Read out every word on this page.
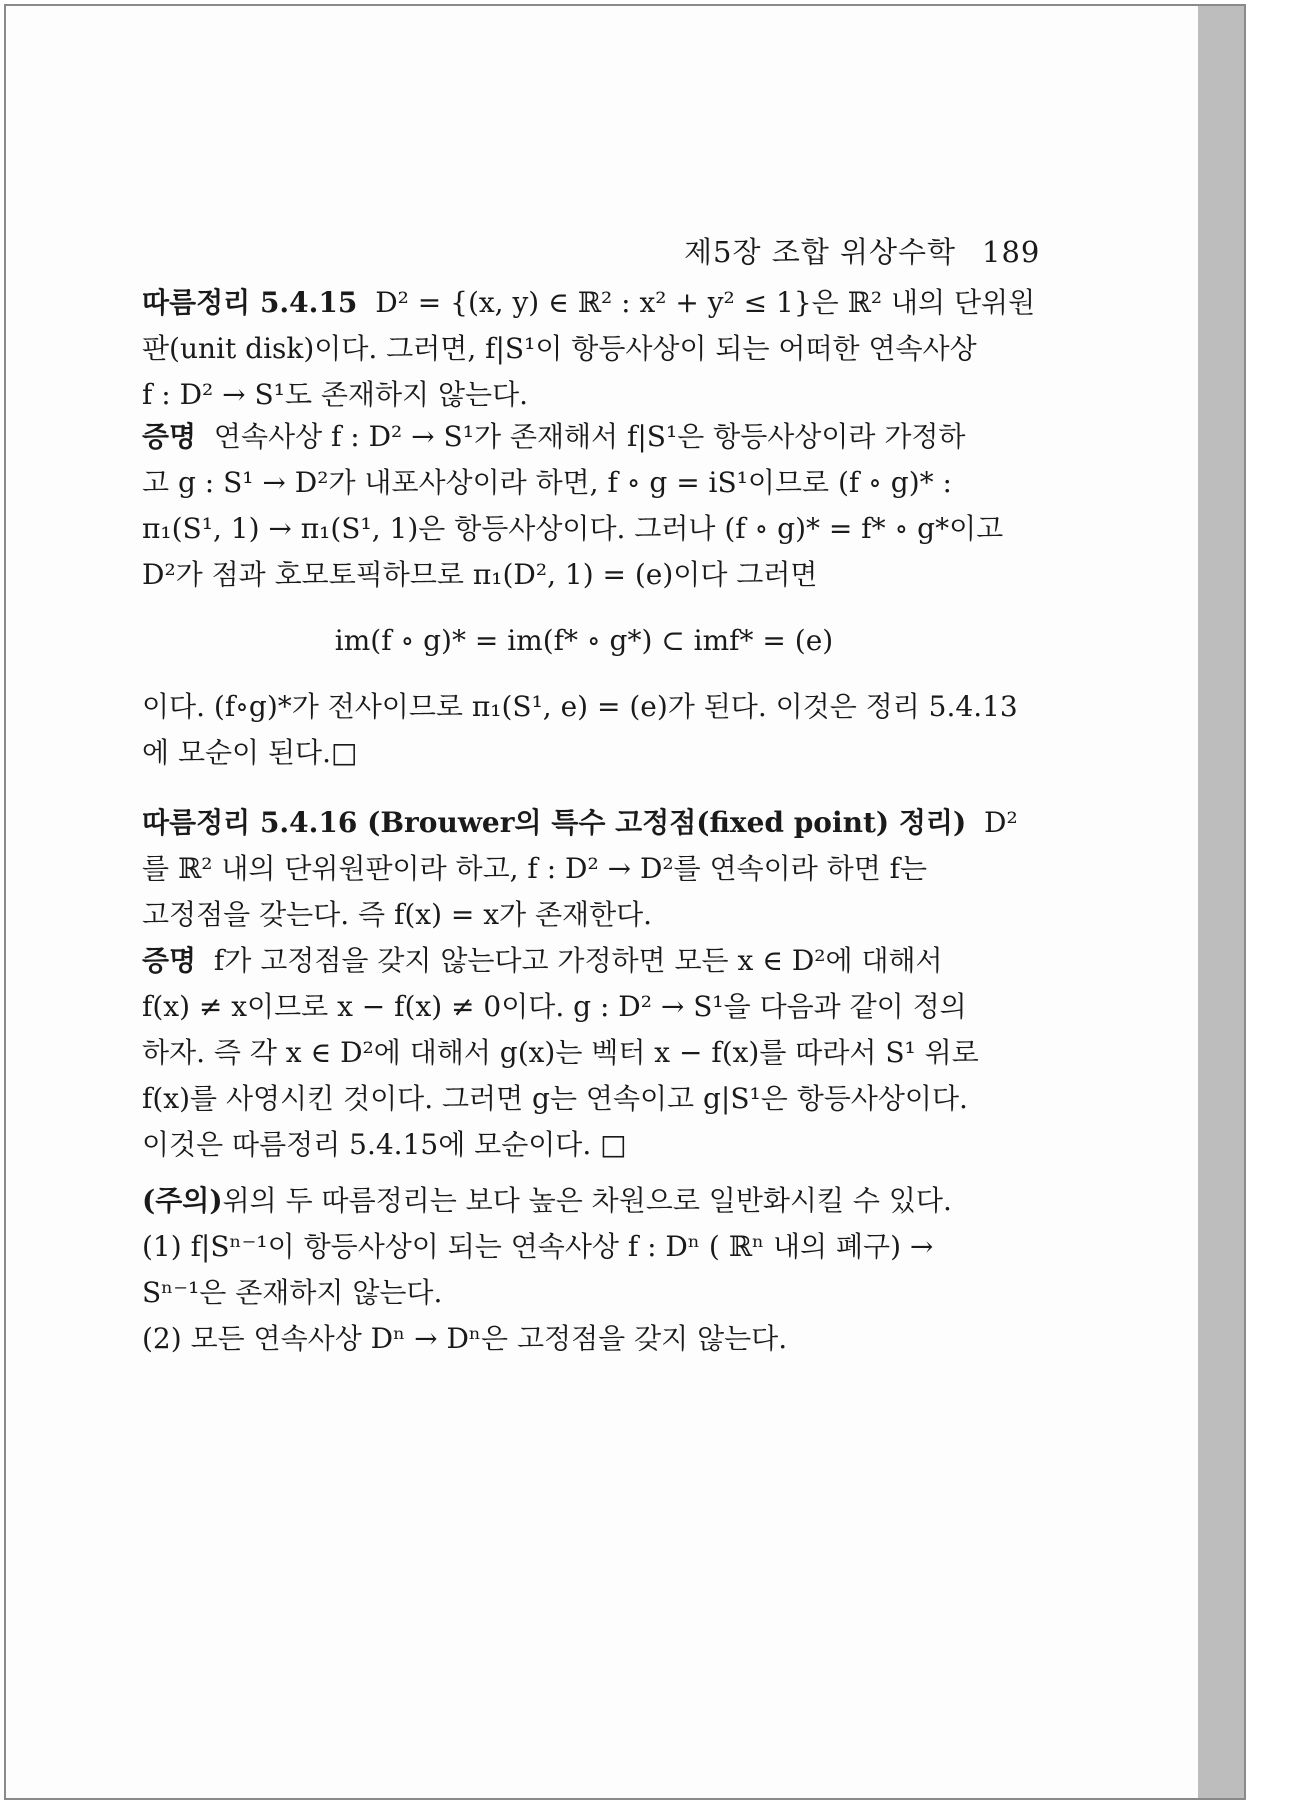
제5장 조합 위상수학 189
따름정리 5.4.15 D² = {(x, y) ∈ ℝ² : x² + y² ≤ 1}은 ℝ² 내의 단위원
판(unit disk)이다. 그러면, f|S¹이 항등사상이 되는 어떠한 연속사상
f : D² → S¹도 존재하지 않는다.
증명 연속사상 f : D² → S¹가 존재해서 f|S¹은 항등사상이라 가정하
고 g : S¹ → D²가 내포사상이라 하면, f ∘ g = iS¹이므로 (f ∘ g)* :
π₁(S¹, 1) → π₁(S¹, 1)은 항등사상이다. 그러나 (f ∘ g)* = f* ∘ g*이고
D²가 점과 호모토픽하므로 π₁(D², 1) = (e)이다 그러면
im(f ∘ g)* = im(f* ∘ g*) ⊂ imf* = (e)
이다. (f∘g)*가 전사이므로 π₁(S¹, e) = (e)가 된다. 이것은 정리 5.4.13
에 모순이 된다.□
따름정리 5.4.16 (Brouwer의 특수 고정점(fixed point) 정리) D²
를 ℝ² 내의 단위원판이라 하고, f : D² → D²를 연속이라 하면 f는
고정점을 갖는다. 즉 f(x) = x가 존재한다.
증명 f가 고정점을 갖지 않는다고 가정하면 모든 x ∈ D²에 대해서
f(x) ≠ x이므로 x − f(x) ≠ 0이다. g : D² → S¹을 다음과 같이 정의
하자. 즉 각 x ∈ D²에 대해서 g(x)는 벡터 x − f(x)를 따라서 S¹ 위로
f(x)를 사영시킨 것이다. 그러면 g는 연속이고 g|S¹은 항등사상이다.
이것은 따름정리 5.4.15에 모순이다. □
(주의)위의 두 따름정리는 보다 높은 차원으로 일반화시킬 수 있다.
(1) f|Sⁿ⁻¹이 항등사상이 되는 연속사상 f : Dⁿ ( ℝⁿ 내의 폐구) →
Sⁿ⁻¹은 존재하지 않는다.
(2) 모든 연속사상 Dⁿ → Dⁿ은 고정점을 갖지 않는다.
